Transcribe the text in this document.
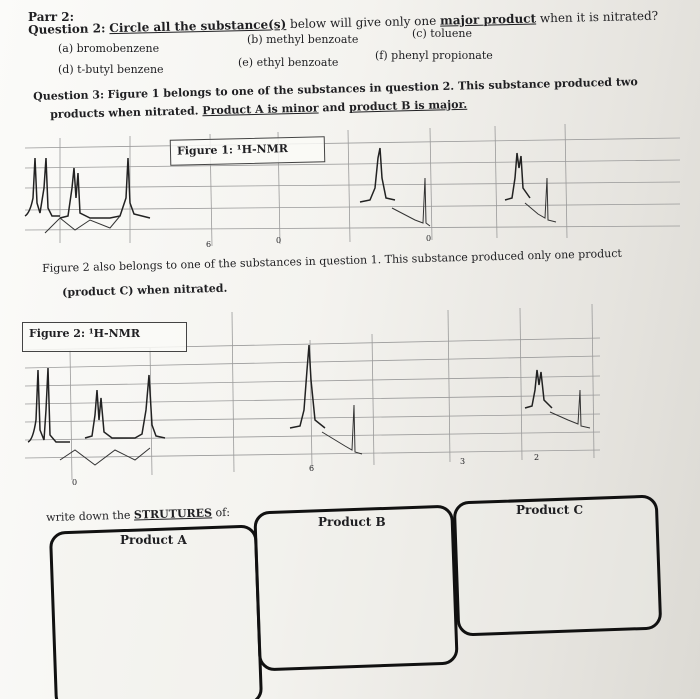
Parr 2:
Question 2: Circle all the substance(s) below will give only one major product when it is nitrated?
(a) bromobenzene
(b) methyl benzoate	(c) toluene
(d) t-butyl benzene
(e) ethyl benzoate
(f) phenyl propionate
Question 3: Figure 1 belongs to one of the substances in question 2. This substance produced two
products when nitrated. Product A is minor and product B is major.
Figure 1: ¹H-NMR
6	0	0
Figure 2 also belongs to one of the substances in question 1. This substance produced only one product
(product C) when nitrated.
Figure 2: ¹H-NMR
0
6
3	2
write down the STRUTURES of:
Product A
Product B
Product C
